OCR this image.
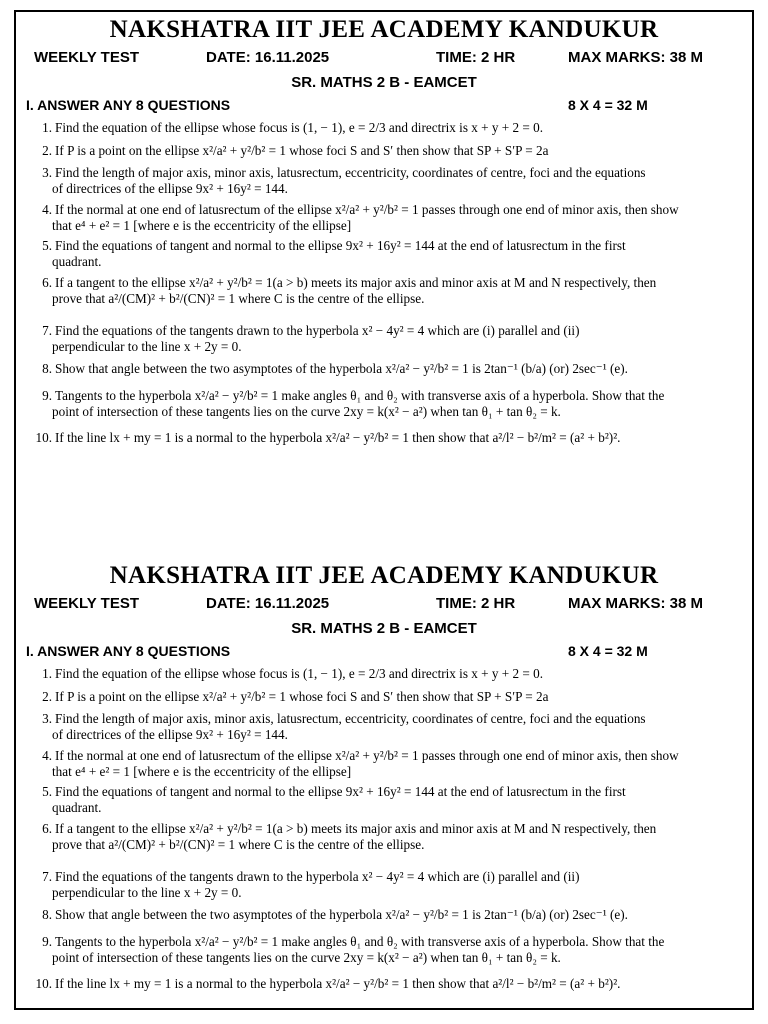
NAKSHATRA IIT JEE ACADEMY KANDUKUR
WEEKLY TEST	DATE: 16.11.2025	TIME: 2 HR	MAX MARKS: 38 M
SR. MATHS 2 B - EAMCET
I. ANSWER ANY 8 QUESTIONS	8 X 4 = 32 M
1. Find the equation of the ellipse whose focus is (1, − 1), e = 2/3 and directrix is x + y + 2 = 0.
2. If P is a point on the ellipse x²/a² + y²/b² = 1 whose foci S and S′ then show that SP + S′P = 2a
3. Find the length of major axis, minor axis, latusrectum, eccentricity, coordinates of centre, foci and the equations
of directrices of the ellipse 9x² + 16y² = 144.
4. If the normal at one end of latusrectum of the ellipse x²/a² + y²/b² = 1 passes through one end of minor axis, then show
that e⁴ + e² = 1 [where e is the eccentricity of the ellipse]
5. Find the equations of tangent and normal to the ellipse 9x² + 16y² = 144 at the end of latusrectum in the first
quadrant.
6. If a tangent to the ellipse x²/a² + y²/b² = 1(a > b) meets its major axis and minor axis at M and N respectively, then
prove that a²/(CM)² + b²/(CN)² = 1 where C is the centre of the ellipse.
7. Find the equations of the tangents drawn to the hyperbola x² − 4y² = 4 which are (i) parallel and (ii)
perpendicular to the line x + 2y = 0.
8. Show that angle between the two asymptotes of the hyperbola x²/a² − y²/b² = 1 is 2tan⁻¹ (b/a) (or) 2sec⁻¹ (e).
9. Tangents to the hyperbola x²/a² − y²/b² = 1 make angles θ₁ and θ₂ with transverse axis of a hyperbola. Show that the
point of intersection of these tangents lies on the curve 2xy = k(x² − a²) when tan θ₁ + tan θ₂ = k.
10. If the line lx + my = 1 is a normal to the hyperbola x²/a² − y²/b² = 1 then show that a²/l² − b²/m² = (a² + b²)².
NAKSHATRA IIT JEE ACADEMY KANDUKUR
WEEKLY TEST	DATE: 16.11.2025	TIME: 2 HR	MAX MARKS: 38 M
SR. MATHS 2 B - EAMCET
I. ANSWER ANY 8 QUESTIONS	8 X 4 = 32 M
1. Find the equation of the ellipse whose focus is (1, − 1), e = 2/3 and directrix is x + y + 2 = 0.
2. If P is a point on the ellipse x²/a² + y²/b² = 1 whose foci S and S′ then show that SP + S′P = 2a
3. Find the length of major axis, minor axis, latusrectum, eccentricity, coordinates of centre, foci and the equations
of directrices of the ellipse 9x² + 16y² = 144.
4. If the normal at one end of latusrectum of the ellipse x²/a² + y²/b² = 1 passes through one end of minor axis, then show
that e⁴ + e² = 1 [where e is the eccentricity of the ellipse]
5. Find the equations of tangent and normal to the ellipse 9x² + 16y² = 144 at the end of latusrectum in the first
quadrant.
6. If a tangent to the ellipse x²/a² + y²/b² = 1(a > b) meets its major axis and minor axis at M and N respectively, then
prove that a²/(CM)² + b²/(CN)² = 1 where C is the centre of the ellipse.
7. Find the equations of the tangents drawn to the hyperbola x² − 4y² = 4 which are (i) parallel and (ii)
perpendicular to the line x + 2y = 0.
8. Show that angle between the two asymptotes of the hyperbola x²/a² − y²/b² = 1 is 2tan⁻¹ (b/a) (or) 2sec⁻¹ (e).
9. Tangents to the hyperbola x²/a² − y²/b² = 1 make angles θ₁ and θ₂ with transverse axis of a hyperbola. Show that the
point of intersection of these tangents lies on the curve 2xy = k(x² − a²) when tan θ₁ + tan θ₂ = k.
10. If the line lx + my = 1 is a normal to the hyperbola x²/a² − y²/b² = 1 then show that a²/l² − b²/m² = (a² + b²)².
